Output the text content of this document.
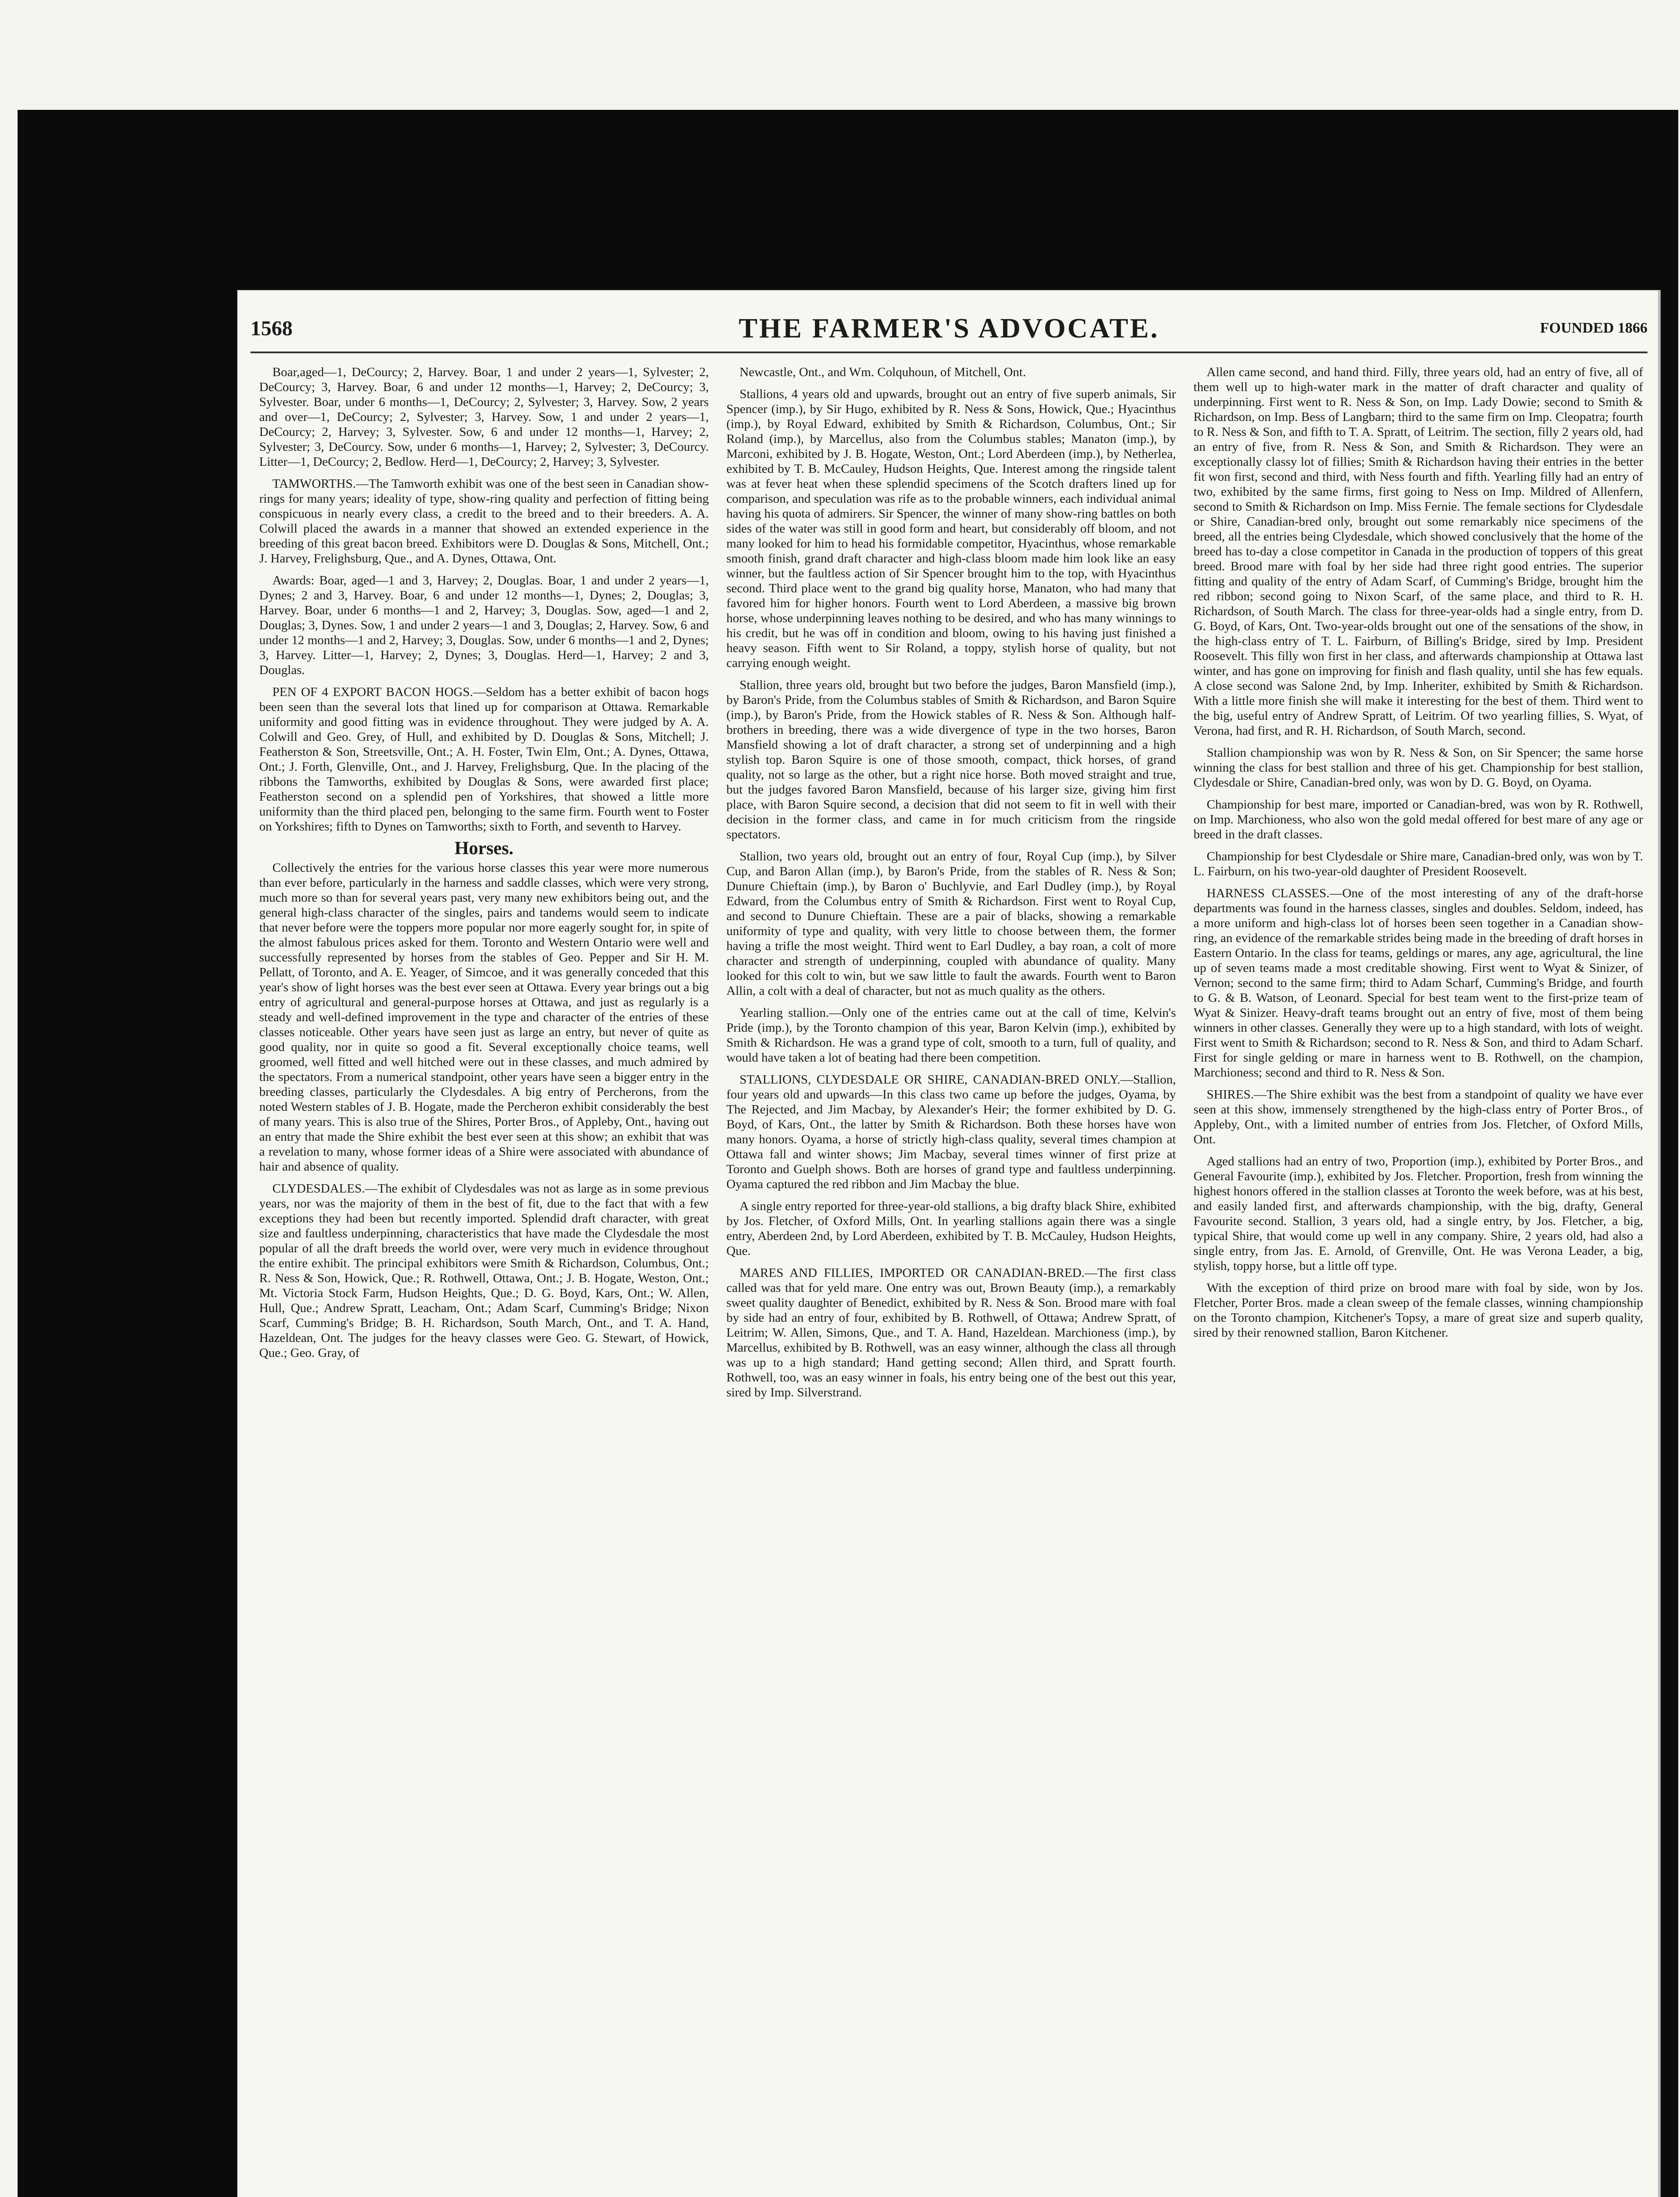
1568	THE FARMER'S ADVOCATE.	FOUNDED 1866

Boar,aged—1, DeCourcy; 2, Harvey. Boar, 1 and under 2 years—1, Sylvester; 2, DeCourcy; 3, Harvey. Boar, 6 and under 12 months—1, Harvey; 2, DeCourcy; 3, Sylvester. Boar, under 6 months—1, DeCourcy; 2, Sylvester; 3, Harvey. Sow, 2 years and over—1, DeCourcy; 2, Sylvester; 3, Harvey. Sow, 1 and under 2 years—1, DeCourcy; 2, Harvey; 3, Sylvester. Sow, 6 and under 12 months—1, Harvey; 2, Sylvester; 3, DeCourcy. Sow, under 6 months—1, Harvey; 2, Sylvester; 3, DeCourcy. Litter—1, DeCourcy; 2, Bedlow. Herd—1, DeCourcy; 2, Harvey; 3, Sylvester.

TAMWORTHS.—The Tamworth exhibit was one of the best seen in Canadian show-rings for many years; ideality of type, show-ring quality and perfection of fitting being conspicuous in nearly every class, a credit to the breed and to their breeders. A. A. Colwill placed the awards in a manner that showed an extended experience in the breeding of this great bacon breed. Exhibitors were D. Douglas & Sons, Mitchell, Ont.; J. Harvey, Frelighsburg, Que., and A. Dynes, Ottawa, Ont.

Awards: Boar, aged—1 and 3, Harvey; 2, Douglas. Boar, 1 and under 2 years—1, Dynes; 2 and 3, Harvey. Boar, 6 and under 12 months—1, Dynes; 2, Douglas; 3, Harvey. Boar, under 6 months—1 and 2, Harvey; 3, Douglas. Sow, aged—1 and 2, Douglas; 3, Dynes. Sow, 1 and under 2 years—1 and 3, Douglas; 2, Harvey. Sow, 6 and under 12 months—1 and 2, Harvey; 3, Douglas. Sow, under 6 months—1 and 2, Dynes; 3, Harvey. Litter—1, Harvey; 2, Dynes; 3, Douglas. Herd—1, Harvey; 2 and 3, Douglas.

PEN OF 4 EXPORT BACON HOGS.—Seldom has a better exhibit of bacon hogs been seen than the several lots that lined up for comparison at Ottawa. Remarkable uniformity and good fitting was in evidence throughout. They were judged by A. A. Colwill and Geo. Grey, of Hull, and exhibited by D. Douglas & Sons, Mitchell; J. Featherston & Son, Streetsville, Ont.; A. H. Foster, Twin Elm, Ont.; A. Dynes, Ottawa, Ont.; J. Forth, Glenville, Ont., and J. Harvey, Frelighsburg, Que. In the placing of the ribbons the Tamworths, exhibited by Douglas & Sons, were awarded first place; Featherston second on a splendid pen of Yorkshires, that showed a little more uniformity than the third placed pen, belonging to the same firm. Fourth went to Foster on Yorkshires; fifth to Dynes on Tamworths; sixth to Forth, and seventh to Harvey.

Horses.

Collectively the entries for the various horse classes this year were more numerous than ever before, particularly in the harness and saddle classes, which were very strong, much more so than for several years past, very many new exhibitors being out, and the general high-class character of the singles, pairs and tandems would seem to indicate that never before were the toppers more popular nor more eagerly sought for, in spite of the almost fabulous prices asked for them. Toronto and Western Ontario were well and successfully represented by horses from the stables of Geo. Pepper and Sir H. M. Pellatt, of Toronto, and A. E. Yeager, of Simcoe, and it was generally conceded that this year's show of light horses was the best ever seen at Ottawa. Every year brings out a big entry of agricultural and general-purpose horses at Ottawa, and just as regularly is a steady and well-defined improvement in the type and character of the entries of these classes noticeable. Other years have seen just as large an entry, but never of quite as good quality, nor in quite so good a fit. Several exceptionally choice teams, well groomed, well fitted and well hitched were out in these classes, and much admired by the spectators. From a numerical standpoint, other years have seen a bigger entry in the breeding classes, particularly the Clydesdales. A big entry of Percherons, from the noted Western stables of J. B. Hogate, made the Percheron exhibit considerably the best of many years. This is also true of the Shires, Porter Bros., of Appleby, Ont., having out an entry that made the Shire exhibit the best ever seen at this show; an exhibit that was a revelation to many, whose former ideas of a Shire were associated with abundance of hair and absence of quality.

CLYDESDALES.—The exhibit of Clydesdales was not as large as in some previous years, nor was the majority of them in the best of fit, due to the fact that with a few exceptions they had been but recently imported. Splendid draft character, with great size and faultless underpinning, characteristics that have made the Clydesdale the most popular of all the draft breeds the world over, were very much in evidence throughout the entire exhibit. The principal exhibitors were Smith & Richardson, Columbus, Ont.; R. Ness & Son, Howick, Que.; R. Rothwell, Ottawa, Ont.; J. B. Hogate, Weston, Ont.; Mt. Victoria Stock Farm, Hudson Heights, Que.; D. G. Boyd, Kars, Ont.; W. Allen, Hull, Que.; Andrew Spratt, Leacham, Ont.; Adam Scarf, Cumming's Bridge; Nixon Scarf, Cumming's Bridge; B. H. Richardson, South March, Ont., and T. A. Hand, Hazeldean, Ont. The judges for the heavy classes were Geo. G. Stewart, of Howick, Que.; Geo. Gray, of

Newcastle, Ont., and Wm. Colquhoun, of Mitchell, Ont.

Stallions, 4 years old and upwards, brought out an entry of five superb animals, Sir Spencer (imp.), by Sir Hugo, exhibited by R. Ness & Sons, Howick, Que.; Hyacinthus (imp.), by Royal Edward, exhibited by Smith & Richardson, Columbus, Ont.; Sir Roland (imp.), by Marcellus, also from the Columbus stables; Manaton (imp.), by Marconi, exhibited by J. B. Hogate, Weston, Ont.; Lord Aberdeen (imp.), by Netherlea, exhibited by T. B. McCauley, Hudson Heights, Que. Interest among the ringside talent was at fever heat when these splendid specimens of the Scotch drafters lined up for comparison, and speculation was rife as to the probable winners, each individual animal having his quota of admirers. Sir Spencer, the winner of many show-ring battles on both sides of the water was still in good form and heart, but considerably off bloom, and not many looked for him to head his formidable competitor, Hyacinthus, whose remarkable smooth finish, grand draft character and high-class bloom made him look like an easy winner, but the faultless action of Sir Spencer brought him to the top, with Hyacinthus second. Third place went to the grand big quality horse, Manaton, who had many that favored him for higher honors. Fourth went to Lord Aberdeen, a massive big brown horse, whose underpinning leaves nothing to be desired, and who has many winnings to his credit, but he was off in condition and bloom, owing to his having just finished a heavy season. Fifth went to Sir Roland, a toppy, stylish horse of quality, but not carrying enough weight.

Stallion, three years old, brought but two before the judges, Baron Mansfield (imp.), by Baron's Pride, from the Columbus stables of Smith & Richardson, and Baron Squire (imp.), by Baron's Pride, from the Howick stables of R. Ness & Son. Although half-brothers in breeding, there was a wide divergence of type in the two horses, Baron Mansfield showing a lot of draft character, a strong set of underpinning and a high stylish top. Baron Squire is one of those smooth, compact, thick horses, of grand quality, not so large as the other, but a right nice horse. Both moved straight and true, but the judges favored Baron Mansfield, because of his larger size, giving him first place, with Baron Squire second, a decision that did not seem to fit in well with their decision in the former class, and came in for much criticism from the ringside spectators.

Stallion, two years old, brought out an entry of four, Royal Cup (imp.), by Silver Cup, and Baron Allan (imp.), by Baron's Pride, from the stables of R. Ness & Son; Dunure Chieftain (imp.), by Baron o' Buchlyvie, and Earl Dudley (imp.), by Royal Edward, from the Columbus entry of Smith & Richardson. First went to Royal Cup, and second to Dunure Chieftain. These are a pair of blacks, showing a remarkable uniformity of type and quality, with very little to choose between them, the former having a trifle the most weight. Third went to Earl Dudley, a bay roan, a colt of more character and strength of underpinning, coupled with abundance of quality. Many looked for this colt to win, but we saw little to fault the awards. Fourth went to Baron Allin, a colt with a deal of character, but not as much quality as the others.

Yearling stallion.—Only one of the entries came out at the call of time, Kelvin's Pride (imp.), by the Toronto champion of this year, Baron Kelvin (imp.), exhibited by Smith & Richardson. He was a grand type of colt, smooth to a turn, full of quality, and would have taken a lot of beating had there been competition.

STALLIONS, CLYDESDALE OR SHIRE, CANADIAN-BRED ONLY.—Stallion, four years old and upwards—In this class two came up before the judges, Oyama, by The Rejected, and Jim Macbay, by Alexander's Heir; the former exhibited by D. G. Boyd, of Kars, Ont., the latter by Smith & Richardson. Both these horses have won many honors. Oyama, a horse of strictly high-class quality, several times champion at Ottawa fall and winter shows; Jim Macbay, several times winner of first prize at Toronto and Guelph shows. Both are horses of grand type and faultless underpinning. Oyama captured the red ribbon and Jim Macbay the blue.

A single entry reported for three-year-old stallions, a big drafty black Shire, exhibited by Jos. Fletcher, of Oxford Mills, Ont. In yearling stallions again there was a single entry, Aberdeen 2nd, by Lord Aberdeen, exhibited by T. B. McCauley, Hudson Heights, Que.

MARES AND FILLIES, IMPORTED OR CANADIAN-BRED.—The first class called was that for yeld mare. One entry was out, Brown Beauty (imp.), a remarkably sweet quality daughter of Benedict, exhibited by R. Ness & Son. Brood mare with foal by side had an entry of four, exhibited by B. Rothwell, of Ottawa; Andrew Spratt, of Leitrim; W. Allen, Simons, Que., and T. A. Hand, Hazeldean. Marchioness (imp.), by Marcellus, exhibited by B. Rothwell, was an easy winner, although the class all through was up to a high standard; Hand getting second; Allen third, and Spratt fourth. Rothwell, too, was an easy winner in foals, his entry being one of the best out this year, sired by Imp. Silverstrand.

Allen came second, and hand third. Filly, three years old, had an entry of five, all of them well up to high-water mark in the matter of draft character and quality of underpinning. First went to R. Ness & Son, on Imp. Lady Dowie; second to Smith & Richardson, on Imp. Bess of Langbarn; third to the same firm on Imp. Cleopatra; fourth to R. Ness & Son, and fifth to T. A. Spratt, of Leitrim. The section, filly 2 years old, had an entry of five, from R. Ness & Son, and Smith & Richardson. They were an exceptionally classy lot of fillies; Smith & Richardson having their entries in the better fit won first, second and third, with Ness fourth and fifth. Yearling filly had an entry of two, exhibited by the same firms, first going to Ness on Imp. Mildred of Allenfern, second to Smith & Richardson on Imp. Miss Fernie. The female sections for Clydesdale or Shire, Canadian-bred only, brought out some remarkably nice specimens of the breed, all the entries being Clydesdale, which showed conclusively that the home of the breed has to-day a close competitor in Canada in the production of toppers of this great breed. Brood mare with foal by her side had three right good entries. The superior fitting and quality of the entry of Adam Scarf, of Cumming's Bridge, brought him the red ribbon; second going to Nixon Scarf, of the same place, and third to R. H. Richardson, of South March. The class for three-year-olds had a single entry, from D. G. Boyd, of Kars, Ont. Two-year-olds brought out one of the sensations of the show, in the high-class entry of T. L. Fairburn, of Billing's Bridge, sired by Imp. President Roosevelt. This filly won first in her class, and afterwards championship at Ottawa last winter, and has gone on improving for finish and flash quality, until she has few equals. A close second was Salone 2nd, by Imp. Inheriter, exhibited by Smith & Richardson. With a little more finish she will make it interesting for the best of them. Third went to the big, useful entry of Andrew Spratt, of Leitrim. Of two yearling fillies, S. Wyat, of Verona, had first, and R. H. Richardson, of South March, second.

Stallion championship was won by R. Ness & Son, on Sir Spencer; the same horse winning the class for best stallion and three of his get. Championship for best stallion, Clydesdale or Shire, Canadian-bred only, was won by D. G. Boyd, on Oyama.

Championship for best mare, imported or Canadian-bred, was won by R. Rothwell, on Imp. Marchioness, who also won the gold medal offered for best mare of any age or breed in the draft classes.

Championship for best Clydesdale or Shire mare, Canadian-bred only, was won by T. L. Fairburn, on his two-year-old daughter of President Roosevelt.

HARNESS CLASSES.—One of the most interesting of any of the draft-horse departments was found in the harness classes, singles and doubles. Seldom, indeed, has a more uniform and high-class lot of horses been seen together in a Canadian show-ring, an evidence of the remarkable strides being made in the breeding of draft horses in Eastern Ontario. In the class for teams, geldings or mares, any age, agricultural, the line up of seven teams made a most creditable showing. First went to Wyat & Sinizer, of Vernon; second to the same firm; third to Adam Scharf, Cumming's Bridge, and fourth to G. & B. Watson, of Leonard. Special for best team went to the first-prize team of Wyat & Sinizer. Heavy-draft teams brought out an entry of five, most of them being winners in other classes. Generally they were up to a high standard, with lots of weight. First went to Smith & Richardson; second to R. Ness & Son, and third to Adam Scharf. First for single gelding or mare in harness went to B. Rothwell, on the champion, Marchioness; second and third to R. Ness & Son.

SHIRES.—The Shire exhibit was the best from a standpoint of quality we have ever seen at this show, immensely strengthened by the high-class entry of Porter Bros., of Appleby, Ont., with a limited number of entries from Jos. Fletcher, of Oxford Mills, Ont.

Aged stallions had an entry of two, Proportion (imp.), exhibited by Porter Bros., and General Favourite (imp.), exhibited by Jos. Fletcher. Proportion, fresh from winning the highest honors offered in the stallion classes at Toronto the week before, was at his best, and easily landed first, and afterwards championship, with the big, drafty, General Favourite second. Stallion, 3 years old, had a single entry, by Jos. Fletcher, a big, typical Shire, that would come up well in any company. Shire, 2 years old, had also a single entry, from Jas. E. Arnold, of Grenville, Ont. He was Verona Leader, a big, stylish, toppy horse, but a little off type.

With the exception of third prize on brood mare with foal by side, won by Jos. Fletcher, Porter Bros. made a clean sweep of the female classes, winning championship on the Toronto champion, Kitchener's Topsy, a mare of great size and superb quality, sired by their renowned stallion, Baron Kitchener.
